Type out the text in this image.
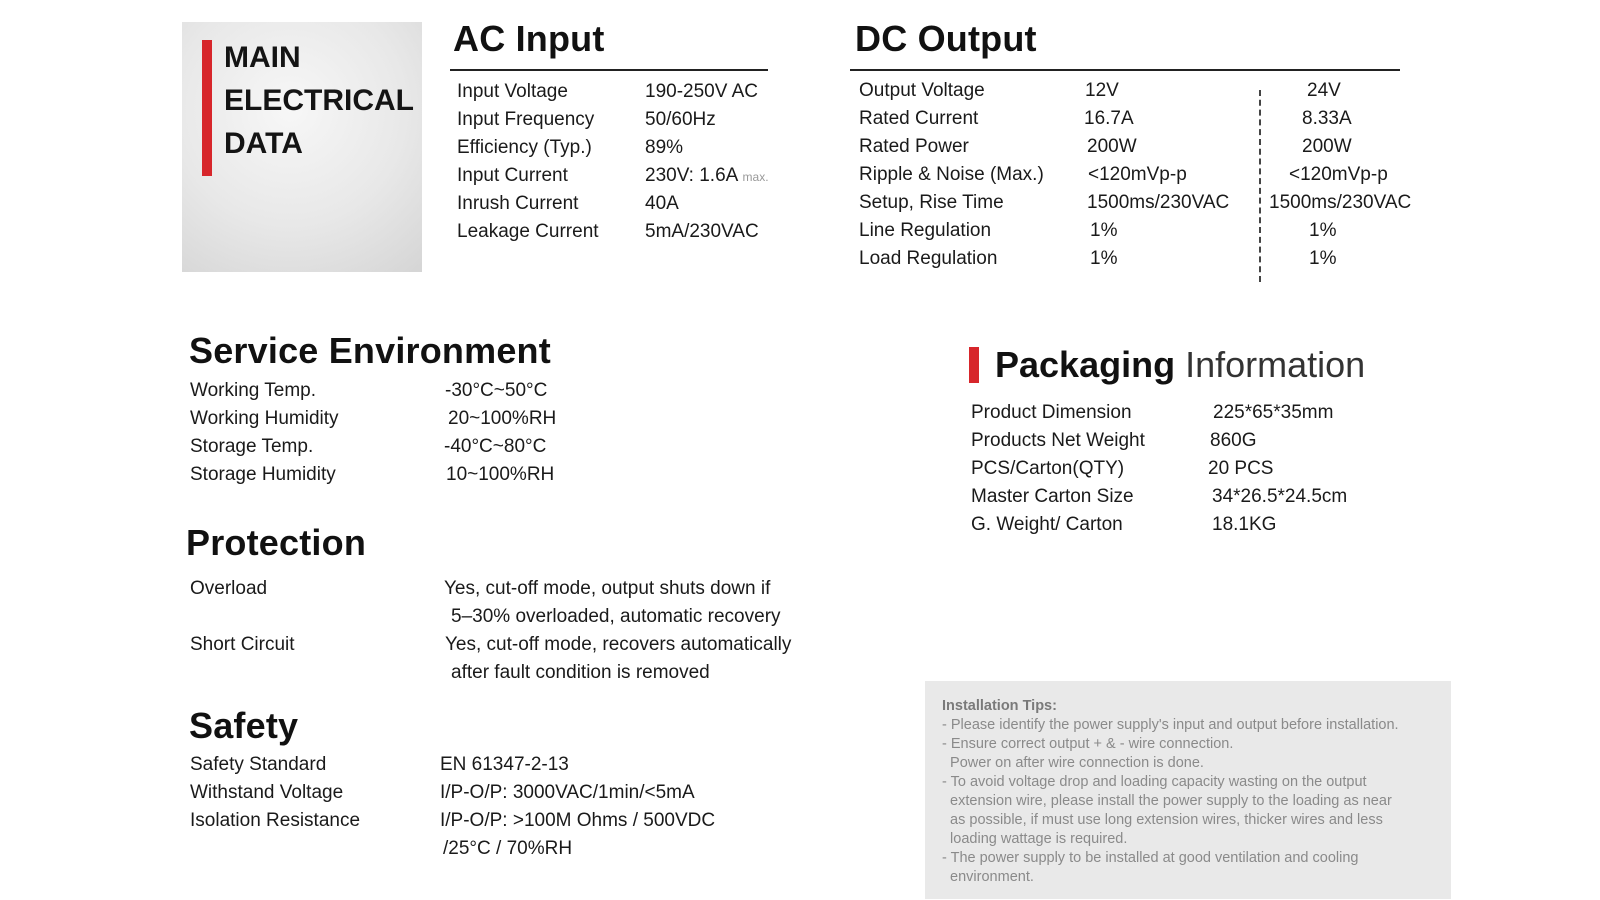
MAIN
ELECTRICAL
DATA
AC Input
Input Voltage	190-250V AC
Input Frequency	50/60Hz
Efficiency (Typ.)	89%
Input Current	230V: 1.6A max.
Inrush Current	40A
Leakage Current 5mA/230VAC
DC Output
Output Voltage	12V	24V
Rated Current	16.7A	8.33A
Rated Power	200W	200W
Ripple & Noise (Max.) <120mVp-p	<120mVp-p
Setup, Rise Time	1500ms/230VAC 1500ms/230VAC
Line Regulation	1%	1%
Load Regulation	1%	1%
Service Environment
Working Temp.	-30°C~50°C
Working Humidity	20~100%RH
Storage Temp.	-40°C~80°C
Storage Humidity	10~100%RH
Protection
Overload	Yes, cut-off mode, output shuts down if
5–30% overloaded, automatic recovery
Short Circuit	Yes, cut-off mode, recovers automatically
after fault condition is removed
Safety
Safety Standard	EN 61347-2-13
Withstand Voltage	I/P-O/P: 3000VAC/1min/<5mA
Isolation Resistance	I/P-O/P: >100M Ohms / 500VDC
/25°C / 70%RH
Packaging Information
Product Dimension	225*65*35mm
Products Net Weight	860G
PCS/Carton(QTY)	20 PCS
Master Carton Size	34*26.5*24.5cm
G. Weight/ Carton	18.1KG
Installation Tips:
- Please identify the power supply's input and output before installation.
- Ensure correct output + & - wire connection.
Power on after wire connection is done.
- To avoid voltage drop and loading capacity wasting on the output
extension wire, please install the power supply to the loading as near
as possible, if must use long extension wires, thicker wires and less
loading wattage is required.
- The power supply to be installed at good ventilation and cooling
environment.
